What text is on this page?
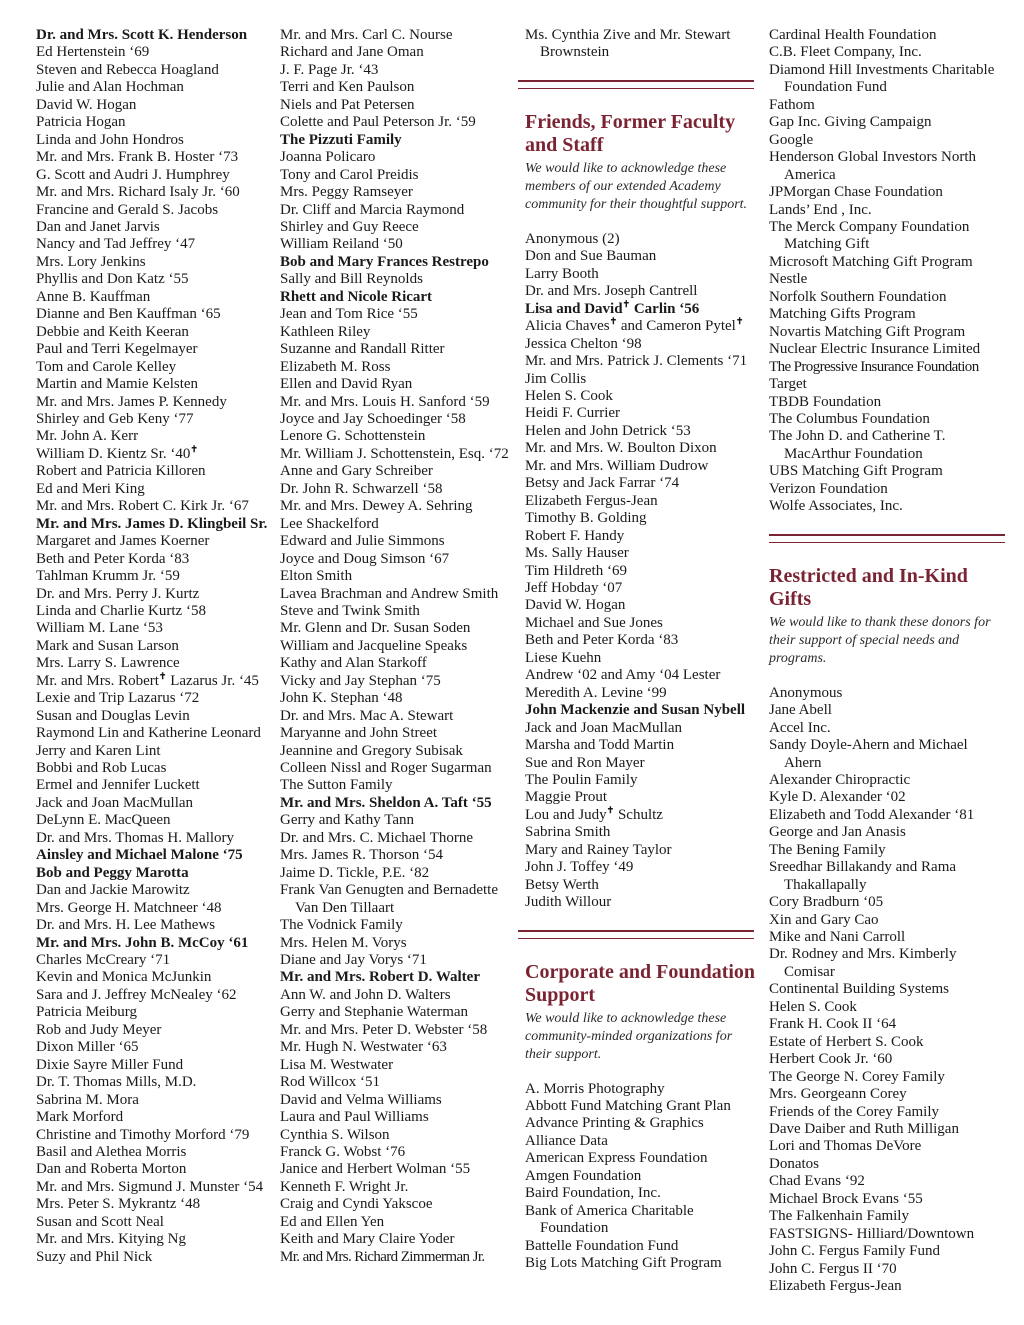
Dr. and Mrs. Scott K. Henderson
Ed Hertenstein ‘69
Steven and Rebecca Hoagland
Julie and Alan Hochman
David W. Hogan
Patricia Hogan
Linda and John Hondros
Mr. and Mrs. Frank B. Hoster ‘73
G. Scott and Audri J. Humphrey
Mr. and Mrs. Richard Isaly Jr. ‘60
Francine and Gerald S. Jacobs
Dan and Janet Jarvis
Nancy and Tad Jeffrey ‘47
Mrs. Lory Jenkins
Phyllis and Don Katz ‘55
Anne B. Kauffman
Dianne and Ben Kauffman ‘65
Debbie and Keith Keeran
Paul and Terri Kegelmayer
Tom and Carole Kelley
Martin and Mamie Kelsten
Mr. and Mrs. James P. Kennedy
Shirley and Geb Keny ‘77
Mr. John A. Kerr
William D. Kientz Sr. ‘40✝
Robert and Patricia Killoren
Ed and Meri King
Mr. and Mrs. Robert C. Kirk Jr. ‘67
Mr. and Mrs. James D. Klingbeil Sr.
Margaret and James Koerner
Beth and Peter Korda ‘83
Tahlman Krumm Jr. ‘59
Dr. and Mrs. Perry J. Kurtz
Linda and Charlie Kurtz ‘58
William M. Lane ‘53
Mark and Susan Larson
Mrs. Larry S. Lawrence
Mr. and Mrs. Robert✝ Lazarus Jr. ‘45
Lexie and Trip Lazarus ‘72
Susan and Douglas Levin
Raymond Lin and Katherine Leonard
Jerry and Karen Lint
Bobbi and Rob Lucas
Ermel and Jennifer Luckett
Jack and Joan MacMullan
DeLynn E. MacQueen
Dr. and Mrs. Thomas H. Mallory
Ainsley and Michael Malone ‘75
Bob and Peggy Marotta
Dan and Jackie Marowitz
Mrs. George H. Matchneer ‘48
Dr. and Mrs. H. Lee Mathews
Mr. and Mrs. John B. McCoy ‘61
Charles McCreary ‘71
Kevin and Monica McJunkin
Sara and J. Jeffrey McNealey ‘62
Patricia Meiburg
Rob and Judy Meyer
Dixon Miller ‘65
Dixie Sayre Miller Fund
Dr. T. Thomas Mills, M.D.
Sabrina M. Mora
Mark Morford
Christine and Timothy Morford ‘79
Basil and Alethea Morris
Dan and Roberta Morton
Mr. and Mrs. Sigmund J. Munster ‘54
Mrs. Peter S. Mykrantz ‘48
Susan and Scott Neal
Mr. and Mrs. Kitying Ng
Suzy and Phil Nick
Mr. and Mrs. Carl C. Nourse
Richard and Jane Oman
J. F. Page Jr. ‘43
Terri and Ken Paulson
Niels and Pat Petersen
Colette and Paul Peterson Jr. ‘59
The Pizzuti Family
Joanna Policaro
Tony and Carol Preidis
Mrs. Peggy Ramseyer
Dr. Cliff and Marcia Raymond
Shirley and Guy Reece
William Reiland ‘50
Bob and Mary Frances Restrepo
Sally and Bill Reynolds
Rhett and Nicole Ricart
Jean and Tom Rice ‘55
Kathleen Riley
Suzanne and Randall Ritter
Elizabeth M. Ross
Ellen and David Ryan
Mr. and Mrs. Louis H. Sanford ‘59
Joyce and Jay Schoedinger ‘58
Lenore G. Schottenstein
Mr. William J. Schottenstein, Esq. ‘72
Anne and Gary Schreiber
Dr. John R. Schwarzell ‘58
Mr. and Mrs. Dewey A. Sehring
Lee Shackelford
Edward and Julie Simmons
Joyce and Doug Simson ‘67
Elton Smith
Lavea Brachman and Andrew Smith
Steve and Twink Smith
Mr. Glenn and Dr. Susan Soden
William and Jacqueline Speaks
Kathy and Alan Starkoff
Vicky and Jay Stephan ‘75
John K. Stephan ‘48
Dr. and Mrs. Mac A. Stewart
Maryanne and John Street
Jeannine and Gregory Subisak
Colleen Nissl and Roger Sugarman
The Sutton Family
Mr. and Mrs. Sheldon A. Taft ‘55
Gerry and Kathy Tann
Dr. and Mrs. C. Michael Thorne
Mrs. James R. Thorson ‘54
Jaime D. Tickle, P.E. ‘82
Frank Van Genugten and Bernadette Van Den Tillaart
The Vodnick Family
Mrs. Helen M. Vorys
Diane and Jay Vorys ‘71
Mr. and Mrs. Robert D. Walter
Ann W. and John D. Walters
Gerry and Stephanie Waterman
Mr. and Mrs. Peter D. Webster ‘58
Mr. Hugh N. Westwater ‘63
Lisa M. Westwater
Rod Willcox ‘51
David and Velma Williams
Laura and Paul Williams
Cynthia S. Wilson
Franck G. Wobst ‘76
Janice and Herbert Wolman ‘55
Kenneth F. Wright Jr.
Craig and Cyndi Yakscoe
Ed and Ellen Yen
Keith and Mary Claire Yoder
Mr. and Mrs. Richard Zimmerman Jr.
Ms. Cynthia Zive and Mr. Stewart Brownstein
Friends, Former Faculty and Staff
We would like to acknowledge these members of our extended Academy community for their thoughtful support.
Anonymous (2)
Don and Sue Bauman
Larry Booth
Dr. and Mrs. Joseph Cantrell
Lisa and David✝ Carlin ‘56
Alicia Chaves✝ and Cameron Pytel✝
Jessica Chelton ‘98
Mr. and Mrs. Patrick J. Clements ‘71
Jim Collis
Helen S. Cook
Heidi F. Currier
Helen and John Detrick ‘53
Mr. and Mrs. W. Boulton Dixon
Mr. and Mrs. William Dudrow
Betsy and Jack Farrar ‘74
Elizabeth Fergus-Jean
Timothy B. Golding
Robert F. Handy
Ms. Sally Hauser
Tim Hildreth ‘69
Jeff Hobday ‘07
David W. Hogan
Michael and Sue Jones
Beth and Peter Korda ‘83
Liese Kuehn
Andrew ‘02 and Amy ‘04 Lester
Meredith A. Levine ‘99
John Mackenzie and Susan Nybell
Jack and Joan MacMullan
Marsha and Todd Martin
Sue and Ron Mayer
The Poulin Family
Maggie Prout
Lou and Judy✝ Schultz
Sabrina Smith
Mary and Rainey Taylor
John J. Toffey ‘49
Betsy Werth
Judith Willour
Corporate and Foundation Support
We would like to acknowledge these community-minded organizations for their support.
A. Morris Photography
Abbott Fund Matching Grant Plan
Advance Printing & Graphics
Alliance Data
American Express Foundation
Amgen Foundation
Baird Foundation, Inc.
Bank of America Charitable Foundation
Battelle Foundation Fund
Big Lots Matching Gift Program
Cardinal Health Foundation
C.B. Fleet Company, Inc.
Diamond Hill Investments Charitable Foundation Fund
Fathom
Gap Inc. Giving Campaign
Google
Henderson Global Investors North America
JPMorgan Chase Foundation
Lands’ End , Inc.
The Merck Company Foundation Matching Gift
Microsoft Matching Gift Program
Nestle
Norfolk Southern Foundation
Matching Gifts Program
Novartis Matching Gift Program
Nuclear Electric Insurance Limited
The Progressive Insurance Foundation
Target
TBDB Foundation
The Columbus Foundation
The John D. and Catherine T. MacArthur Foundation
UBS Matching Gift Program
Verizon Foundation
Wolfe Associates, Inc.
Restricted and In-Kind Gifts
We would like to thank these donors for their support of special needs and programs.
Anonymous
Jane Abell
Accel Inc.
Sandy Doyle-Ahern and Michael Ahern
Alexander Chiropractic
Kyle D. Alexander ‘02
Elizabeth and Todd Alexander ‘81
George and Jan Anasis
The Bening Family
Sreedhar Billakandy and Rama Thakallapally
Cory Bradburn ‘05
Xin and Gary Cao
Mike and Nani Carroll
Dr. Rodney and Mrs. Kimberly Comisar
Continental Building Systems
Helen S. Cook
Frank H. Cook II ‘64
Estate of Herbert S. Cook
Herbert Cook Jr. ‘60
The George N. Corey Family
Mrs. Georgeann Corey
Friends of the Corey Family
Dave Daiber and Ruth Milligan
Lori and Thomas DeVore
Donatos
Chad Evans ‘92
Michael Brock Evans ‘55
The Falkenhain Family
FASTSIGNS- Hilliard/Downtown
John C. Fergus Family Fund
John C. Fergus II ‘70
Elizabeth Fergus-Jean
